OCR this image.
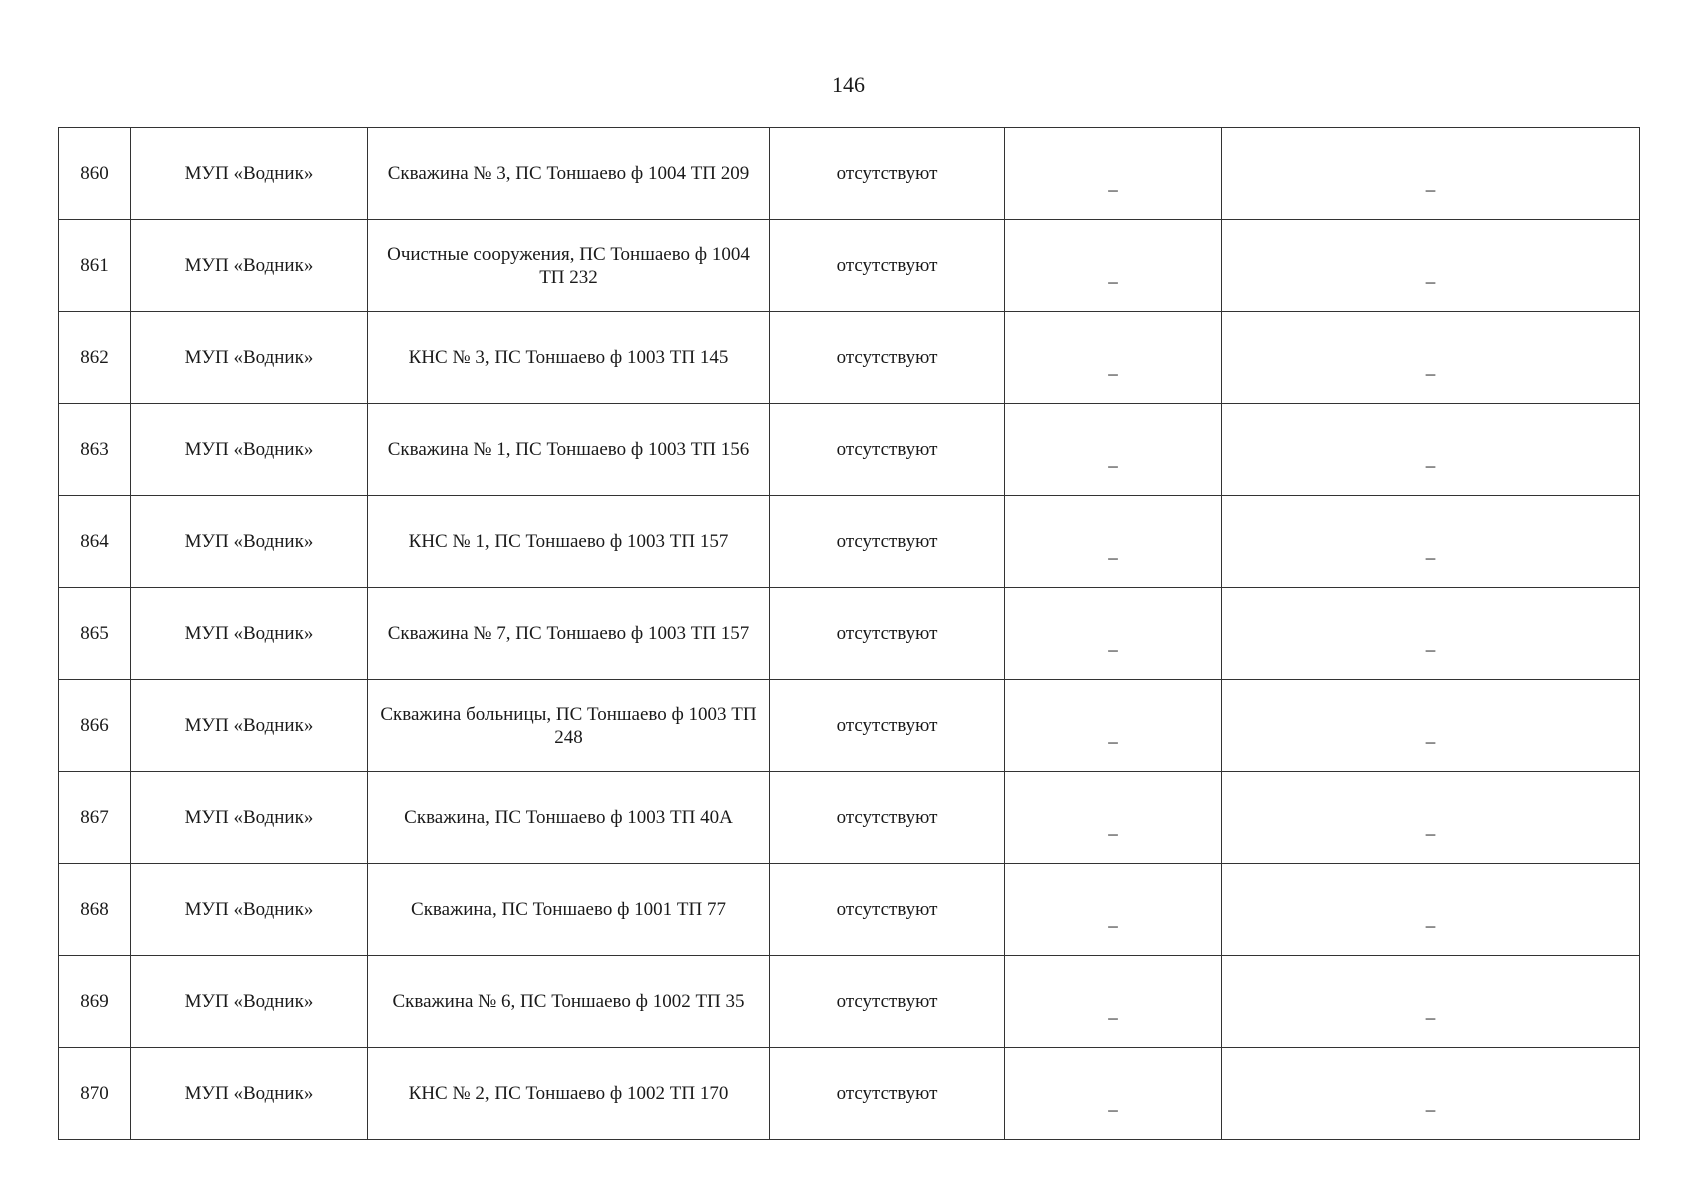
146
860	МУП «Водник»	Скважина № 3, ПС Тоншаево ф 1004 ТП 209	отсутствуют	_	_
861	МУП «Водник»	Очистные сооружения, ПС Тоншаево ф 1004 ТП 232	отсутствуют	_	_
862	МУП «Водник»	КНС № 3, ПС Тоншаево ф 1003 ТП 145	отсутствуют	_	_
863	МУП «Водник»	Скважина № 1, ПС Тоншаево ф 1003 ТП 156	отсутствуют	_	_
864	МУП «Водник»	КНС № 1, ПС Тоншаево ф 1003 ТП 157	отсутствуют	_	_
865	МУП «Водник»	Скважина № 7, ПС Тоншаево ф 1003 ТП 157	отсутствуют	_	_
866	МУП «Водник»	Скважина больницы, ПС Тоншаево ф 1003 ТП 248	отсутствуют	_	_
867	МУП «Водник»	Скважина, ПС Тоншаево ф 1003 ТП 40А	отсутствуют	_	_
868	МУП «Водник»	Скважина, ПС Тоншаево ф 1001 ТП 77	отсутствуют	_	_
869	МУП «Водник»	Скважина № 6, ПС Тоншаево ф 1002 ТП 35	отсутствуют	_	_
870	МУП «Водник»	КНС № 2, ПС Тоншаево ф 1002 ТП 170	отсутствуют	_	_
